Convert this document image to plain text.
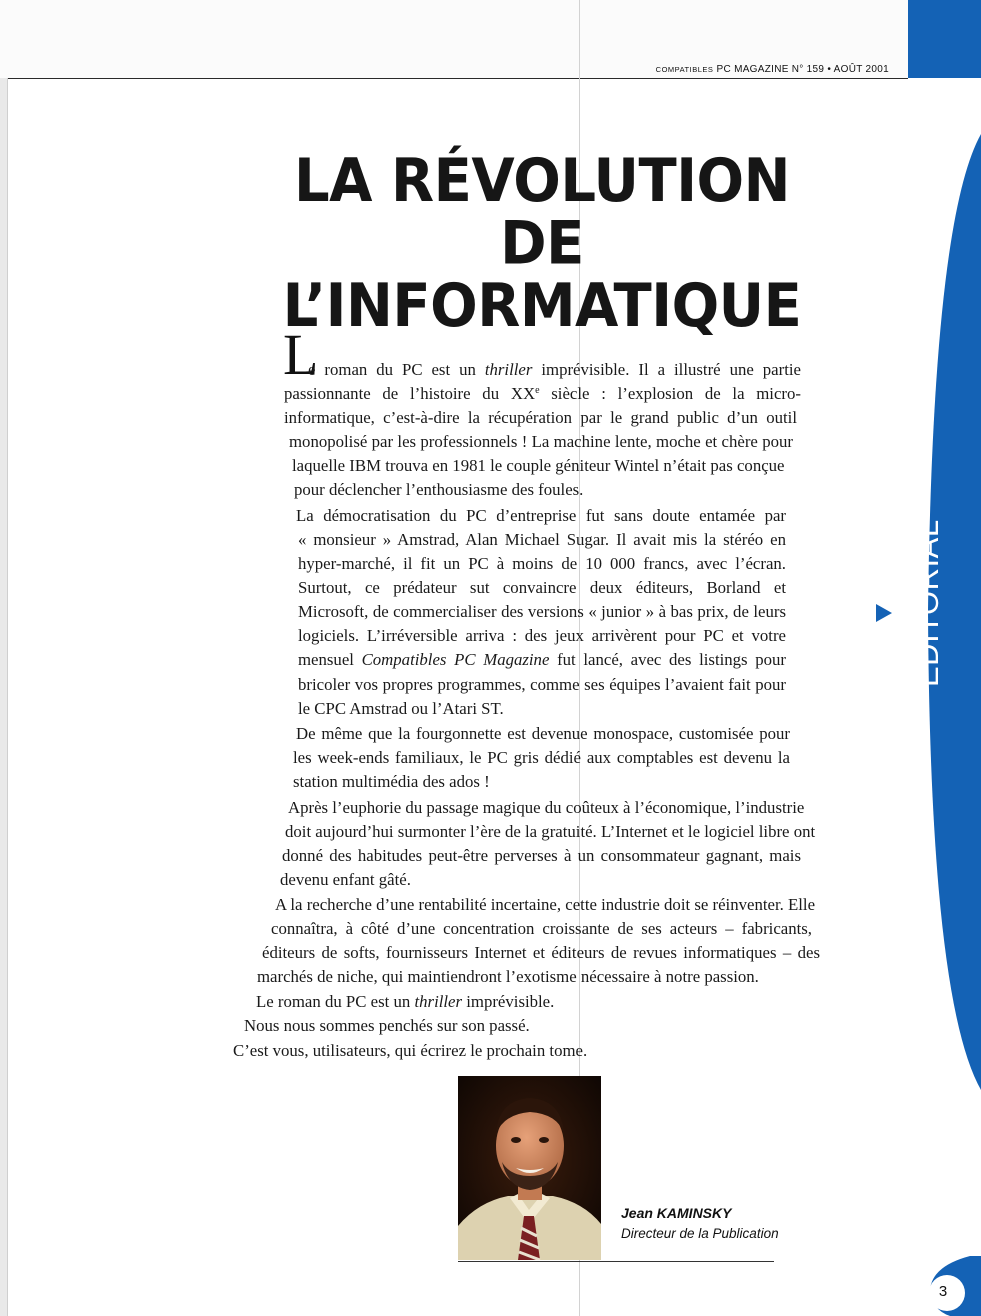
COMPATIBLES PC MAGAZINE N° 159 • AOÛT 2001
LA RÉVOLUTION
DE
L’INFORMATIQUE
L
e roman du PC est un thriller imprévisible. Il a illustré une partie
passionnante de l’histoire du XXe siècle : l’explosion de la micro-
informatique, c’est-à-dire la récupération par le grand public d’un outil
monopolisé par les professionnels ! La machine lente, moche et chère pour
laquelle IBM trouva en 1981 le couple géniteur Wintel n’était pas conçue
pour déclencher l’enthousiasme des foules.
La démocratisation du PC d’entreprise fut sans doute entamée par
« monsieur » Amstrad, Alan Michael Sugar. Il avait mis la stéréo en
hyper-marché, il fit un PC à moins de 10 000 francs, avec l’écran.
Surtout, ce prédateur sut convaincre deux éditeurs, Borland et
Microsoft, de commercialiser des versions « junior » à bas prix, de leurs
logiciels. L’irréversible arriva : des jeux arrivèrent pour PC et votre
mensuel Compatibles PC Magazine fut lancé, avec des listings pour
bricoler vos propres programmes, comme ses équipes l’avaient fait pour
le CPC Amstrad ou l’Atari ST.
De même que la fourgonnette est devenue monospace, customisée pour
les week-ends familiaux, le PC gris dédié aux comptables est devenu la
station multimédia des ados !
Après l’euphorie du passage magique du coûteux à l’économique, l’industrie
doit aujourd’hui surmonter l’ère de la gratuité. L’Internet et le logiciel libre ont
donné des habitudes peut-être perverses à un consommateur gagnant, mais
devenu enfant gâté.
A la recherche d’une rentabilité incertaine, cette industrie doit se réinventer. Elle
connaîtra, à côté d’une concentration croissante de ses acteurs – fabricants,
éditeurs de softs, fournisseurs Internet et éditeurs de revues informatiques – des
marchés de niche, qui maintiendront l’exotisme nécessaire à notre passion.
Le roman du PC est un thriller imprévisible.
Nous nous sommes penchés sur son passé.
C’est vous, utilisateurs, qui écrirez le prochain tome.
Jean KAMINSKY
Directeur de la Publication
ÉDITORIAL
3
